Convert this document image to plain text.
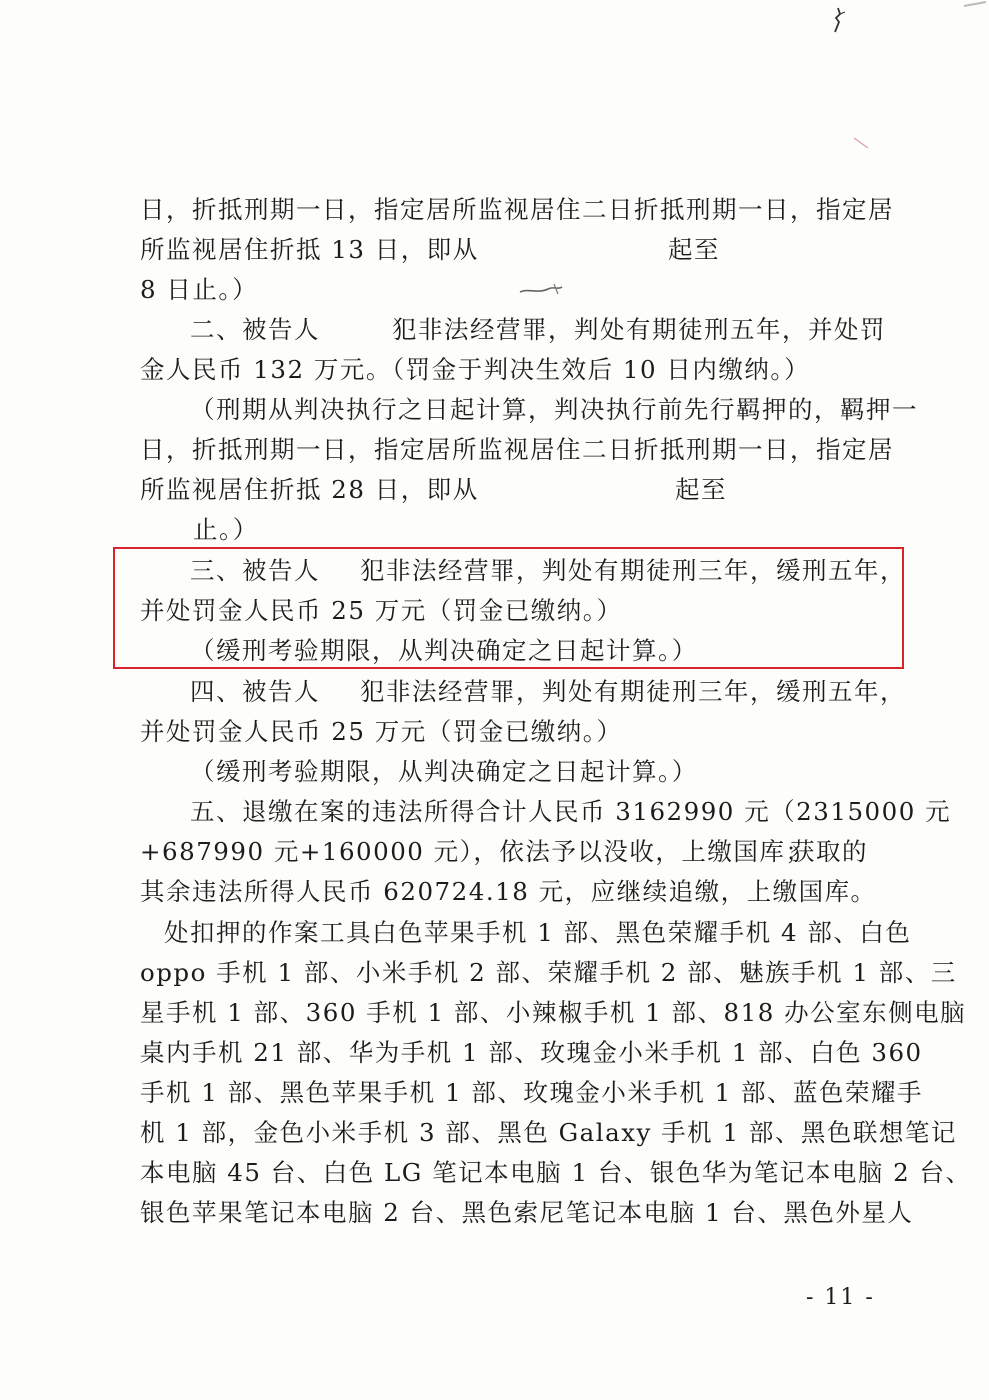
日，折抵刑期一日，指定居所监视居住二日折抵刑期一日，指定居
所监视居住折抵 13 日，即从	起至
8 日止。）
二、被告人	犯非法经营罪，判处有期徒刑五年，并处罚
金人民币 132 万元。（罚金于判决生效后 10 日内缴纳。）
（刑期从判决执行之日起计算，判决执行前先行羁押的，羁押一
日，折抵刑期一日，指定居所监视居住二日折抵刑期一日，指定居
所监视居住折抵 28 日，即从	起至
止。）
三、被告人 犯非法经营罪，判处有期徒刑三年，缓刑五年，
并处罚金人民币 25 万元（罚金已缴纳。）
（缓刑考验期限，从判决确定之日起计算。）
四、被告人 犯非法经营罪，判处有期徒刑三年，缓刑五年，
并处罚金人民币 25 万元（罚金已缴纳。）
（缓刑考验期限，从判决确定之日起计算。）
五、退缴在案的违法所得合计人民币 3162990 元（2315000 元
+687990 元+160000 元），依法予以没收，上缴国库；
获取的
其余违法所得人民币 620724.18 元，应继续追缴，上缴国库。
处扣押的作案工具白色苹果手机 1 部、黑色荣耀手机 4 部、白色
oppo 手机 1 部、小米手机 2 部、荣耀手机 2 部、魅族手机 1 部、三
星手机 1 部、360 手机 1 部、小辣椒手机 1 部、818 办公室东侧电脑
桌内手机 21 部、华为手机 1 部、玫瑰金小米手机 1 部、白色 360
手机 1 部、黑色苹果手机 1 部、玫瑰金小米手机 1 部、蓝色荣耀手
机 1 部，金色小米手机 3 部、黑色 Galaxy 手机 1 部、黑色联想笔记
本电脑 45 台、白色 LG 笔记本电脑 1 台、银色华为笔记本电脑 2 台、
银色苹果笔记本电脑 2 台、黑色索尼笔记本电脑 1 台、黑色外星人
- 11 -
